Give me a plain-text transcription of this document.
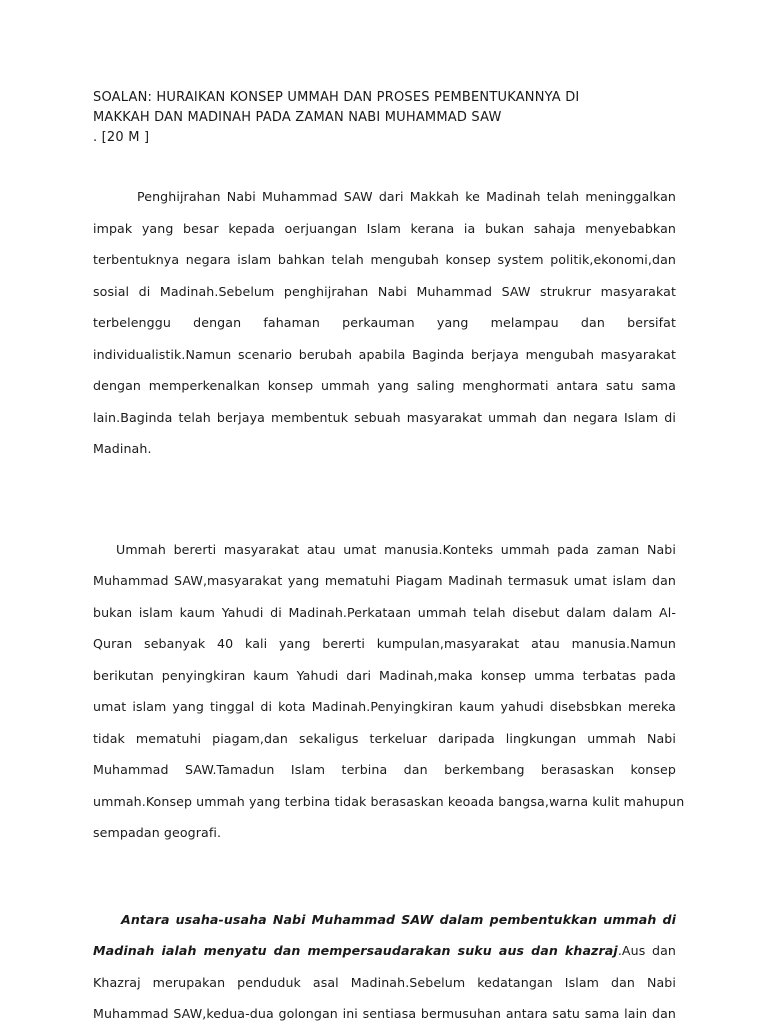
SOALAN: HURAIKAN KONSEP UMMAH DAN PROSES PEMBENTUKANNYA DI
MAKKAH DAN MADINAH PADA ZAMAN NABI MUHAMMAD SAW
. [20 M ]
Penghijrahan Nabi Muhammad SAW dari Makkah ke Madinah telah meninggalkan
impak yang besar kepada oerjuangan Islam kerana ia bukan sahaja menyebabkan
terbentuknya negara islam bahkan telah mengubah konsep system politik,ekonomi,dan
sosial di Madinah.Sebelum penghijrahan Nabi Muhammad SAW strukrur masyarakat
terbelenggu dengan fahaman perkauman yang melampau dan bersifat
individualistik.Namun scenario berubah apabila Baginda berjaya mengubah masyarakat
dengan memperkenalkan konsep ummah yang saling menghormati antara satu sama
lain.Baginda telah berjaya membentuk sebuah masyarakat ummah dan negara Islam di
Madinah.
Ummah bererti masyarakat atau umat manusia.Konteks ummah pada zaman Nabi
Muhammad SAW,masyarakat yang mematuhi Piagam Madinah termasuk umat islam dan
bukan islam kaum Yahudi di Madinah.Perkataan ummah telah disebut dalam dalam Al-
Quran sebanyak 40 kali yang bererti kumpulan,masyarakat atau manusia.Namun
berikutan penyingkiran kaum Yahudi dari Madinah,maka konsep umma terbatas pada
umat islam yang tinggal di kota Madinah.Penyingkiran kaum yahudi disebsbkan mereka
tidak mematuhi piagam,dan sekaligus terkeluar daripada lingkungan ummah Nabi
Muhammad SAW.Tamadun Islam terbina dan berkembang berasaskan konsep
ummah.Konsep ummah yang terbina tidak berasaskan keoada bangsa,warna kulit mahupun
sempadan geografi.
Antara usaha-usaha Nabi Muhammad SAW dalam pembentukkan ummah di
Madinah ialah menyatu dan mempersaudarakan suku aus dan khazraj.Aus dan
Khazraj merupakan penduduk asal Madinah.Sebelum kedatangan Islam dan Nabi
Muhammad SAW,kedua-dua golongan ini sentiasa bermusuhan antara satu sama lain dan
